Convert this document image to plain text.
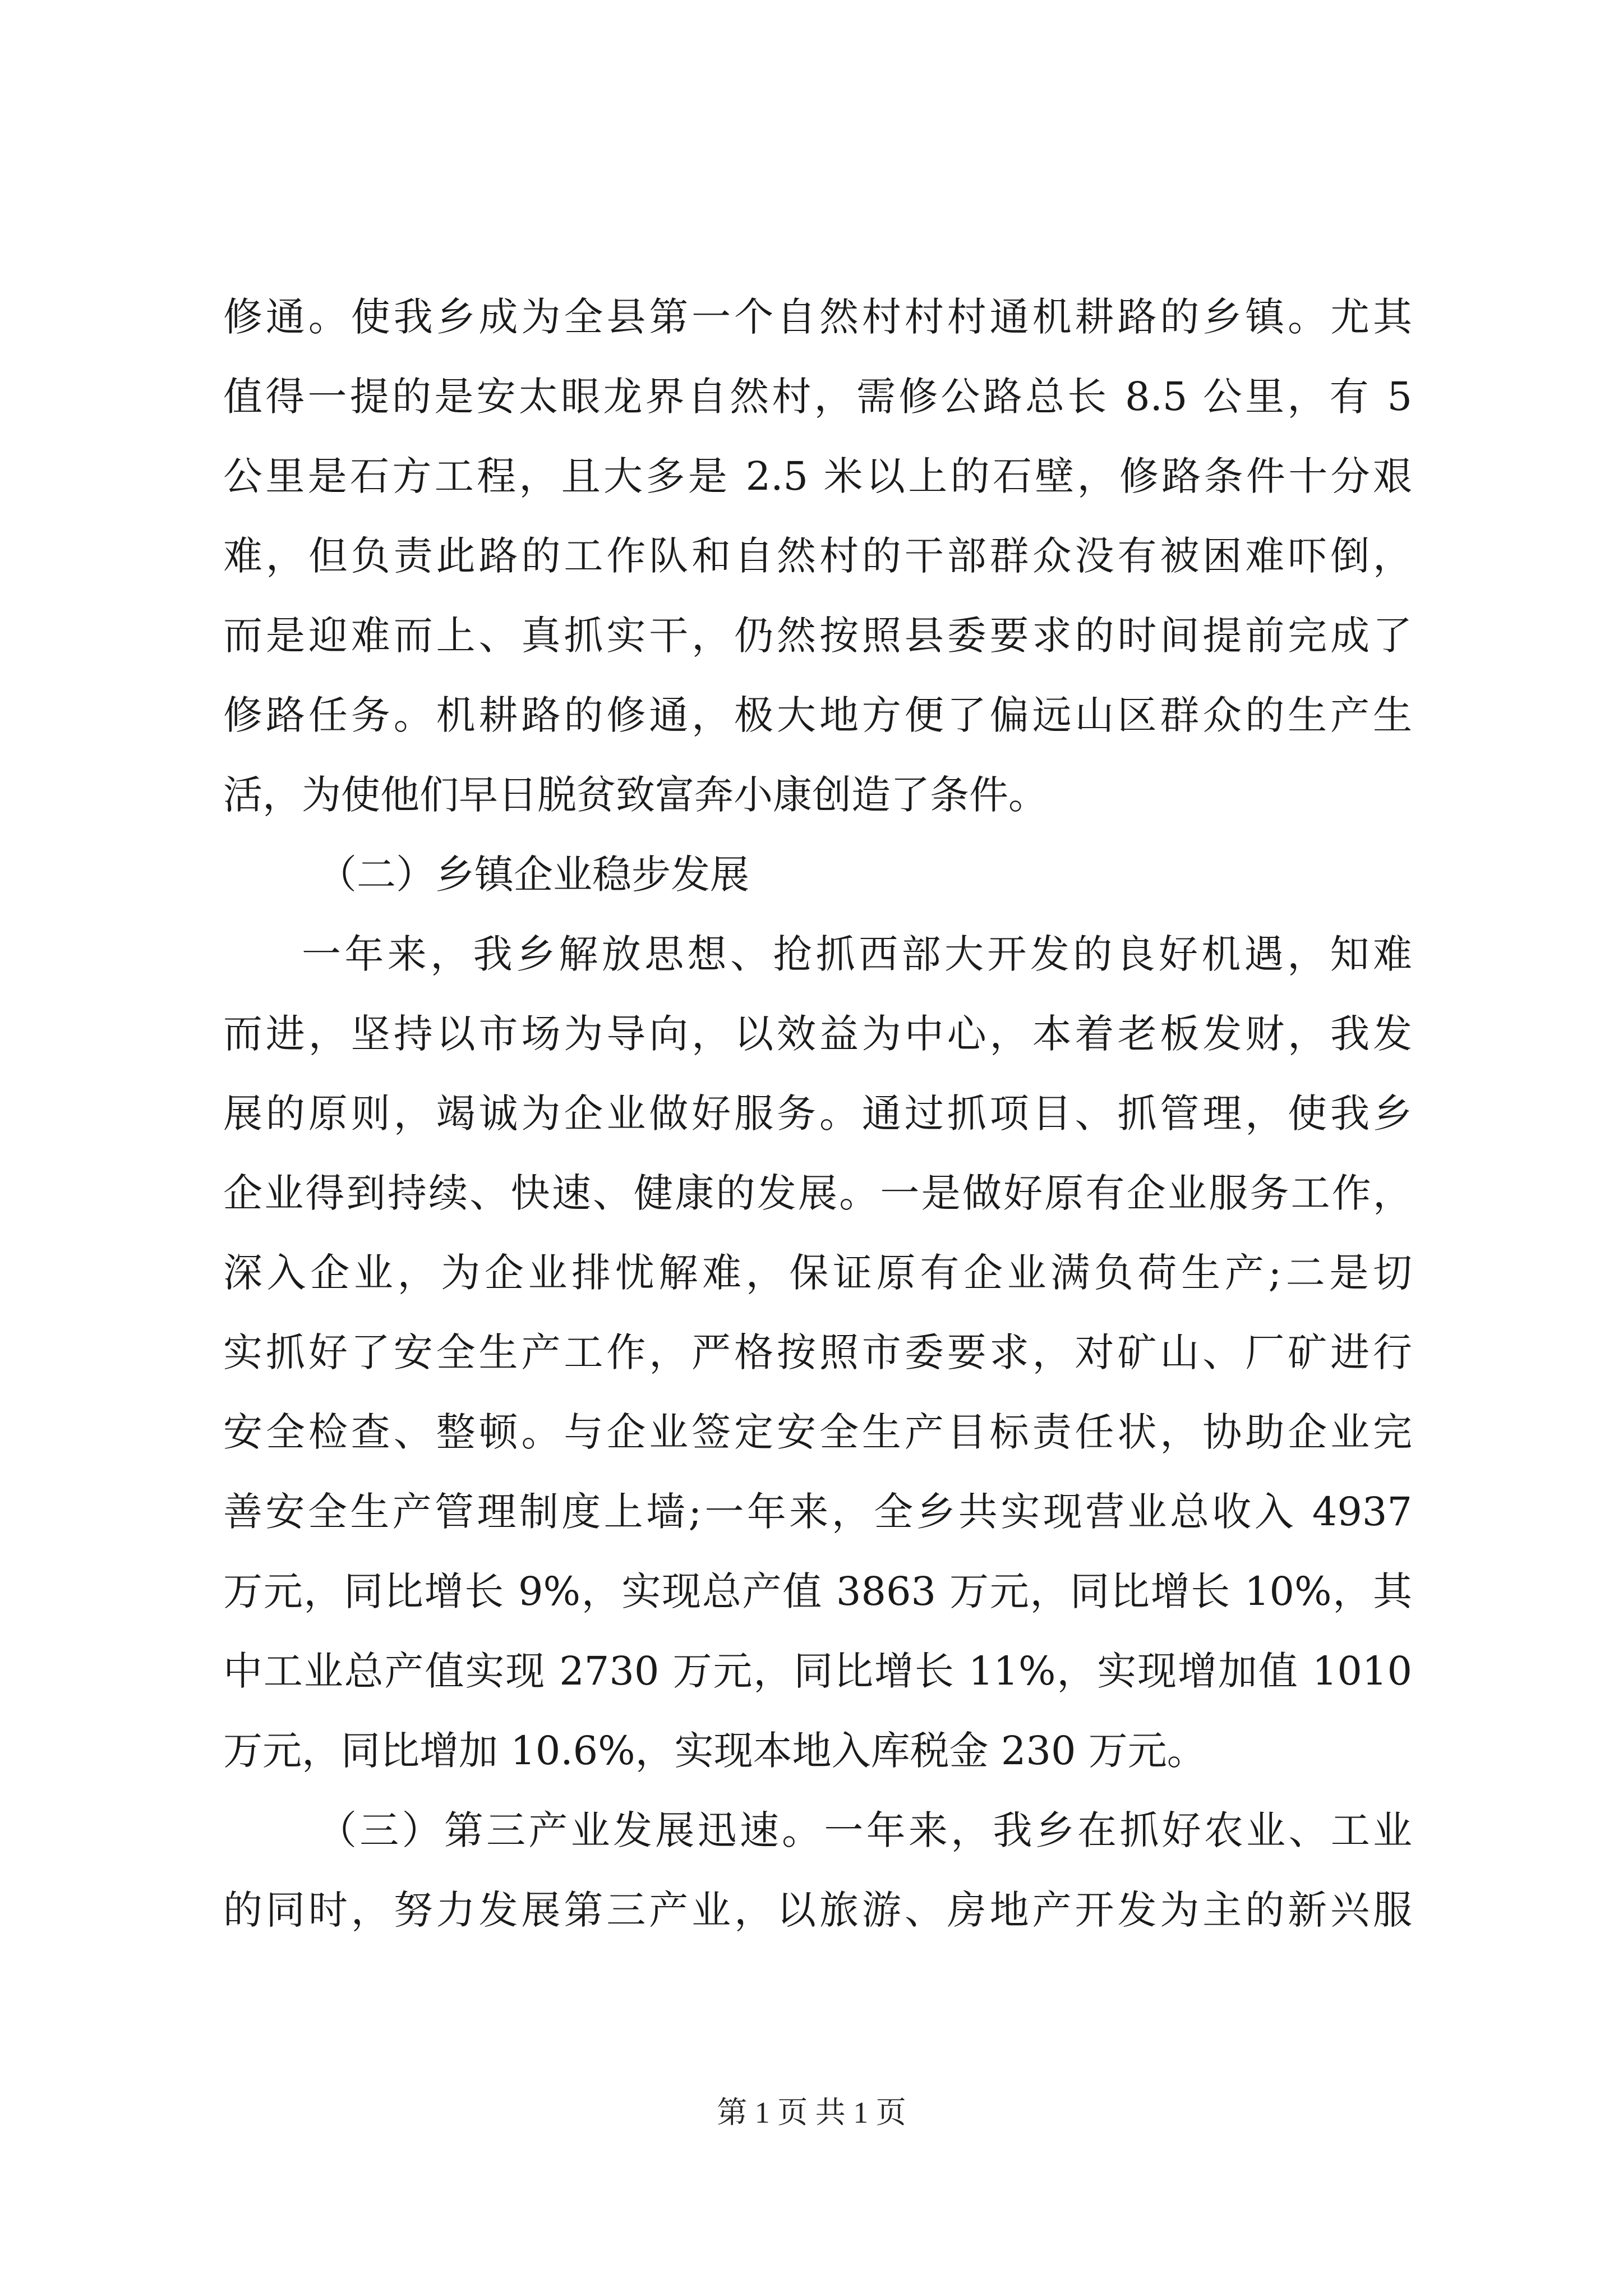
修通。使我乡成为全县第一个自然村村村通机耕路的乡镇。尤其
值得一提的是安太眼龙界自然村，需修公路总长 8.5 公里，有 5
公里是石方工程，且大多是 2.5 米以上的石壁，修路条件十分艰
难，但负责此路的工作队和自然村的干部群众没有被困难吓倒，
而是迎难而上、真抓实干，仍然按照县委要求的时间提前完成了
修路任务。机耕路的修通，极大地方便了偏远山区群众的生产生
活，为使他们早日脱贫致富奔小康创造了条件。
（二）乡镇企业稳步发展
一年来，我乡解放思想、抢抓西部大开发的良好机遇，知难
而进，坚持以市场为导向，以效益为中心，本着老板发财，我发
展的原则，竭诚为企业做好服务。通过抓项目、抓管理，使我乡
企业得到持续、快速、健康的发展。一是做好原有企业服务工作，
深入企业，为企业排忧解难，保证原有企业满负荷生产;二是切
实抓好了安全生产工作，严格按照市委要求，对矿山、厂矿进行
安全检查、整顿。与企业签定安全生产目标责任状，协助企业完
善安全生产管理制度上墙;一年来，全乡共实现营业总收入 4937
万元，同比增长 9%，实现总产值 3863 万元，同比增长 10%，其
中工业总产值实现 2730 万元，同比增长 11%，实现增加值 1010
万元，同比增加 10.6%，实现本地入库税金 230 万元。
（三）第三产业发展迅速。一年来，我乡在抓好农业、工业
的同时，努力发展第三产业，以旅游、房地产开发为主的新兴服
第 1 页 共 1 页
